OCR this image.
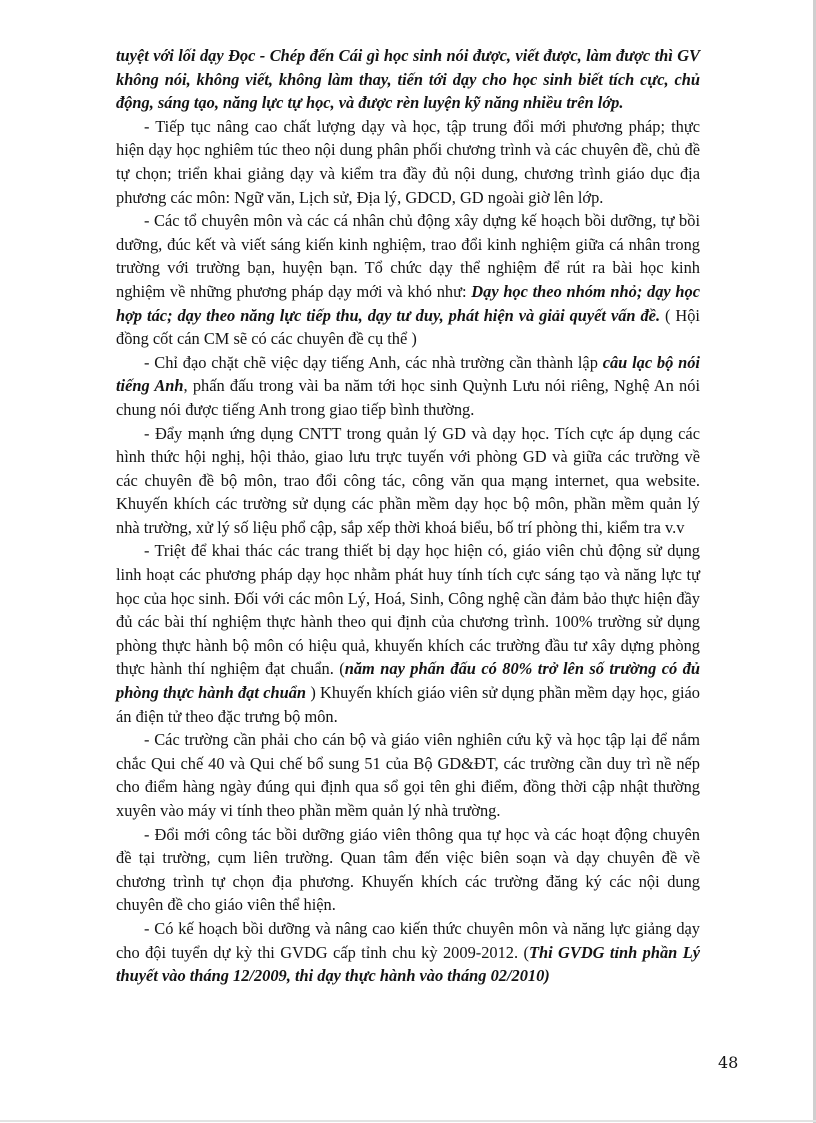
tuyệt với lối dạy Đọc - Chép đến Cái gì học sinh nói được, viết được, làm được thì GV không nói, không viết, không làm thay, tiến tới dạy cho học sinh biết tích cực, chủ động, sáng tạo, năng lực tự học, và được rèn luyện kỹ năng nhiều trên lớp.

- Tiếp tục nâng cao chất lượng dạy và học, tập trung đổi mới phương pháp; thực hiện dạy học nghiêm túc theo nội dung phân phối chương trình và các chuyên đề, chủ đề tự chọn; triển khai giảng dạy và kiểm tra đầy đủ nội dung, chương trình giáo dục địa phương các môn: Ngữ văn, Lịch sử, Địa lý, GDCD, GD ngoài giờ lên lớp.

- Các tổ chuyên môn và các cá nhân chủ động xây dựng kế hoạch bồi dưỡng, tự bồi dưỡng, đúc kết và viết sáng kiến kinh nghiệm, trao đổi kinh nghiệm giữa cá nhân trong trường với trường bạn, huyện bạn. Tổ chức dạy thể nghiệm để rút ra bài học kinh nghiệm về những phương pháp dạy mới và khó như: Dạy học theo nhóm nhỏ; dạy học hợp tác; dạy theo năng lực tiếp thu, dạy tư duy, phát hiện và giải quyết vấn đề. ( Hội đồng cốt cán CM sẽ có các chuyên đề cụ thể )

- Chỉ đạo chặt chẽ việc dạy tiếng Anh, các nhà trường cần thành lập câu lạc bộ nói tiếng Anh, phấn đấu trong vài ba năm tới học sinh Quỳnh Lưu nói riêng, Nghệ An nói chung nói được tiếng Anh trong giao tiếp bình thường.

- Đẩy mạnh ứng dụng CNTT trong quản lý GD và dạy học. Tích cực áp dụng các hình thức hội nghị, hội thảo, giao lưu trực tuyến với phòng GD và giữa các trường về các chuyên đề bộ môn, trao đổi công tác, công văn qua mạng internet, qua website. Khuyến khích các trường sử dụng các phần mềm dạy học bộ môn, phần mềm quản lý nhà trường, xử lý số liệu phổ cập, sắp xếp thời khoá biểu, bố trí phòng thi, kiểm tra v.v

- Triệt để khai thác các trang thiết bị dạy học hiện có, giáo viên chủ động sử dụng linh hoạt các phương pháp dạy học nhằm phát huy tính tích cực sáng tạo và năng lực tự học của học sinh. Đối với các môn Lý, Hoá, Sinh, Công nghệ cần đảm bảo thực hiện đầy đủ các bài thí nghiệm thực hành theo qui định của chương trình. 100% trường sử dụng phòng thực hành bộ môn có hiệu quả, khuyến khích các trường đầu tư xây dựng phòng thực hành thí nghiệm đạt chuẩn. (năm nay phấn đấu có 80% trở lên số trường có đủ phòng thực hành đạt chuẩn ) Khuyến khích giáo viên sử dụng phần mềm dạy học, giáo án điện tử theo đặc trưng bộ môn.

- Các trường cần phải cho cán bộ và giáo viên nghiên cứu kỹ và học tập lại để nắm chắc Qui chế 40 và Qui chế bổ sung 51 của Bộ GD&ĐT, các trường cần duy trì nề nếp cho điểm hàng ngày đúng qui định qua sổ gọi tên ghi điểm, đồng thời cập nhật thường xuyên vào máy vi tính theo phần mềm quản lý nhà trường.

- Đổi mới công tác bồi dưỡng giáo viên thông qua tự học và các hoạt động chuyên đề tại trường, cụm liên trường. Quan tâm đến việc biên soạn và dạy chuyên đề về chương trình tự chọn địa phương. Khuyến khích các trường đăng ký các nội dung chuyên đề cho giáo viên thể hiện.

- Có kế hoạch bồi dưỡng và nâng cao kiến thức chuyên môn và năng lực giảng dạy cho đội tuyển dự kỳ thi GVDG cấp tỉnh chu kỳ 2009-2012. (Thi GVDG tỉnh phần Lý thuyết vào tháng 12/2009, thi dạy thực hành vào tháng 02/2010)

48
